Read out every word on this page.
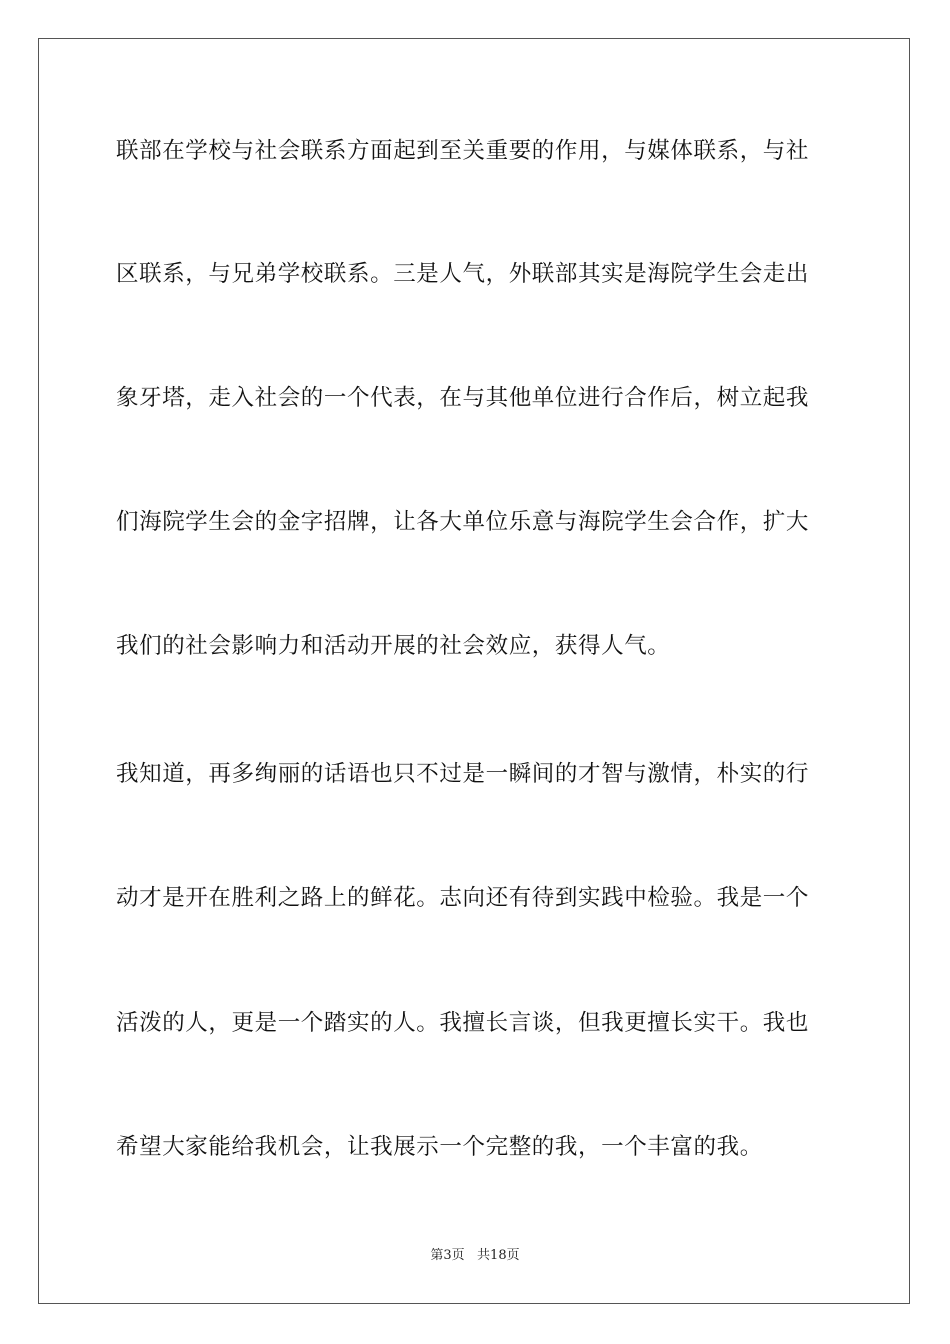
联部在学校与社会联系方面起到至关重要的作用，与媒体联系，与社
区联系，与兄弟学校联系。三是人气，外联部其实是海院学生会走出
象牙塔，走入社会的一个代表，在与其他单位进行合作后，树立起我
们海院学生会的金字招牌，让各大单位乐意与海院学生会合作，扩大
我们的社会影响力和活动开展的社会效应，获得人气。
我知道，再多绚丽的话语也只不过是一瞬间的才智与激情，朴实的行
动才是开在胜利之路上的鲜花。志向还有待到实践中检验。我是一个
活泼的人，更是一个踏实的人。我擅长言谈，但我更擅长实干。我也
希望大家能给我机会，让我展示一个完整的我，一个丰富的我。
第3页   共18页
